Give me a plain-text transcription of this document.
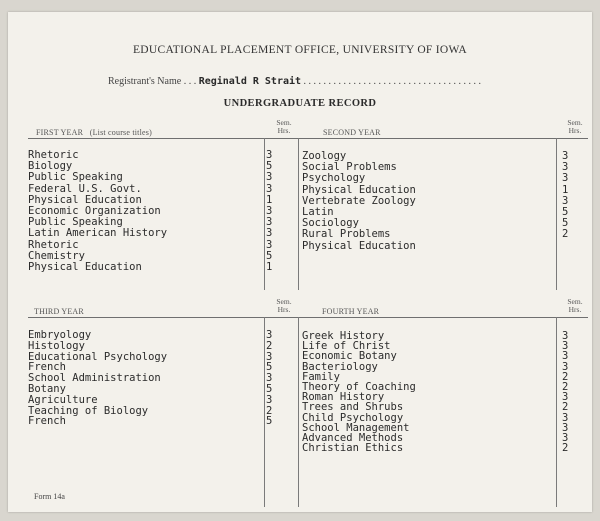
EDUCATIONAL PLACEMENT OFFICE, UNIVERSITY OF IOWA
Registrant's Name . . . Reginald R Strait . . . . . . . . . . . . . . . . . . . . . . . . . . . . . . . . . . . .
UNDERGRADUATE RECORD
FIRST YEAR (List course titles)	SECOND YEAR
THIRD YEAR	FOURTH YEAR
Sem.
Hrs.
Sem.
Hrs.
Sem.
Hrs.
Sem.
Hrs.
Rhetoric	3
Biology	5
Public Speaking	3
Federal U.S. Govt.	3
Physical Education	1
Economic Organization	3
Public Speaking	3
Latin American History	3
Rhetoric	3
Chemistry	5
Physical Education	1
Zoology	3
Social Problems	3
Psychology	3
Physical Education	1
Vertebrate Zoology	3
Latin	5
Sociology	5
Rural Problems	2
Physical Education
Embryology	3
Histology	2
Educational Psychology	3
French	5
School Administration	3
Botany	5
Agriculture	3
Teaching of Biology	2
French	5
Greek History	3
Life of Christ	3
Economic Botany	3
Bacteriology	3
Family	2
Theory of Coaching	2
Roman History	3
Trees and Shrubs	2
Child Psychology	3
School Management	3
Advanced Methods	3
Christian Ethics	2
Form 14a
